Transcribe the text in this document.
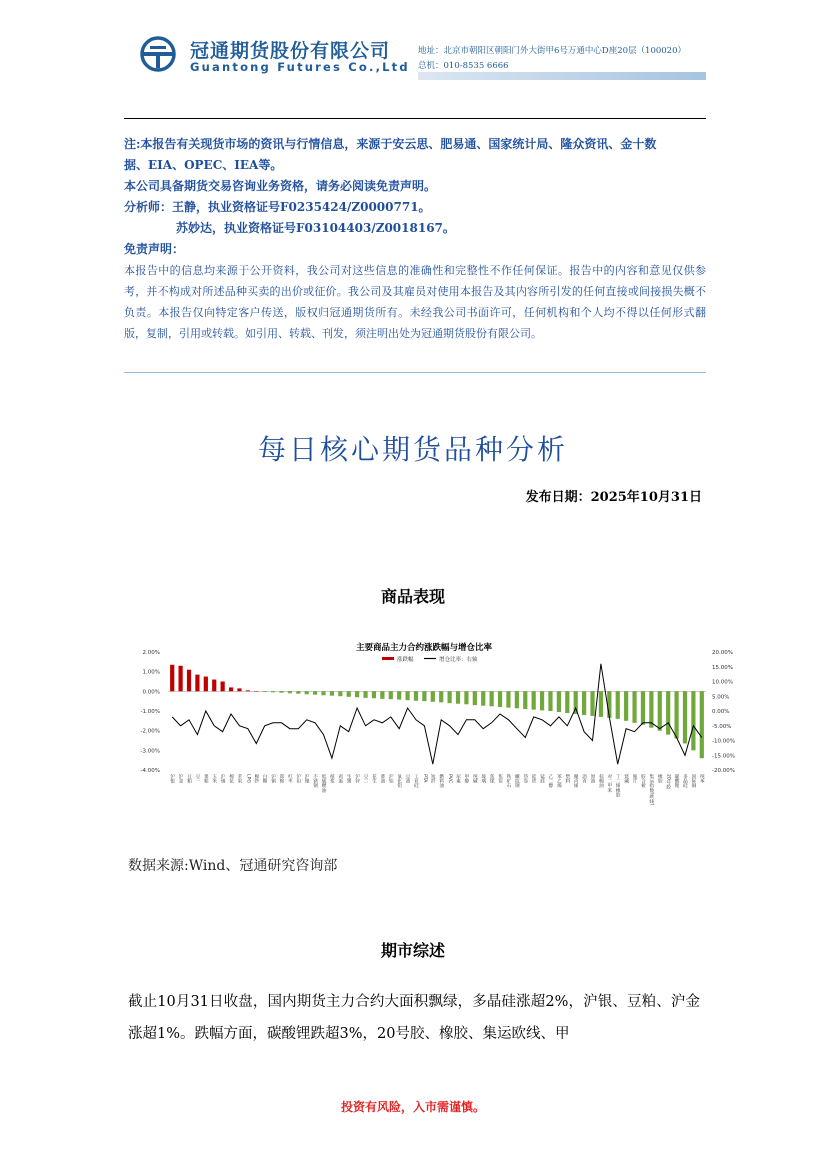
冠通期货股份有限公司
Guantong Futures Co.,Ltd
地址：北京市朝阳区朝阳门外大街甲6号万通中心D座20层（100020）
总机：010-8535 6666
注:本报告有关现货市场的资讯与行情信息，来源于安云思、肥易通、国家统计局、隆众资讯、金十数
据、EIA、OPEC、IEA等。
本公司具备期货交易咨询业务资格，请务必阅读免责声明。
分析师：王静，执业资格证号F0235424/Z0000771。
苏妙达，执业资格证号F03104403/Z0018167。
免责声明：

本报告中的信息均来源于公开资料，我公司对这些信息的准确性和完整性不作任何保证。报告中的内容和意见仅供参考，并不构成对所述品种买卖的出价或征价。我公司及其雇员对使用本报告及其内容所引发的任何直接或间接损失概不负责。本报告仅向特定客户传送，版权归冠通期货所有。未经我公司书面许可，任何机构和个人均不得以任何形式翻版，复制，引用或转载。如引用、转载、刊发，须注明出处为冠通期货股份有限公司。

每日核心期货品种分析
发布日期：2025年10月31日
商品表现
主要商品主力合约涨跌幅与增仓比率
涨跌幅	增仓比率：右轴
2.00%
1.00%
0.00%
-1.00%
-2.00%
-3.00%
-4.00%
20.00%
15.00%
10.00%
5.00%
0.00%
-5.00%
-10.00%
-15.00%
-20.00%
沪银 沪金 豆粕 豆一 菜粕 玉米 沪锡 棉花 苹果 LPG 棉纱 白糖 沪铜 郑棉 红枣 沪铅 沪镍 不锈钢 低硫燃油 纸浆 鸡蛋 生猪 沪锌 豆二 花生 菜油 沪铝 氧化铝 豆油 工业硅 PTA 短纤 燃料油 PVC 尿素 甲醇 纯碱 玻璃 焦煤 焦炭 铁矿石 螺纹钢 热卷 硅铁 锰硅 乙二醇 苯乙烯 塑料 聚丙烯 沥青 原油 棕榈油 对二甲苯 丁二烯橡胶 烧碱 瓶片 胶合板 集运指数(欧线) 橡胶 20号胶 碳酸锂 多晶硅 国际铜 纯苯
数据来源:Wind、冠通研究咨询部
期市综述

截止10月31日收盘，国内期货主力合约大面积飘绿，多晶硅涨超2%，沪银、豆粕、沪金涨超1%。跌幅方面，碳酸锂跌超3%，20号胶、橡胶、集运欧线、甲

投资有风险，入市需谨慎。
